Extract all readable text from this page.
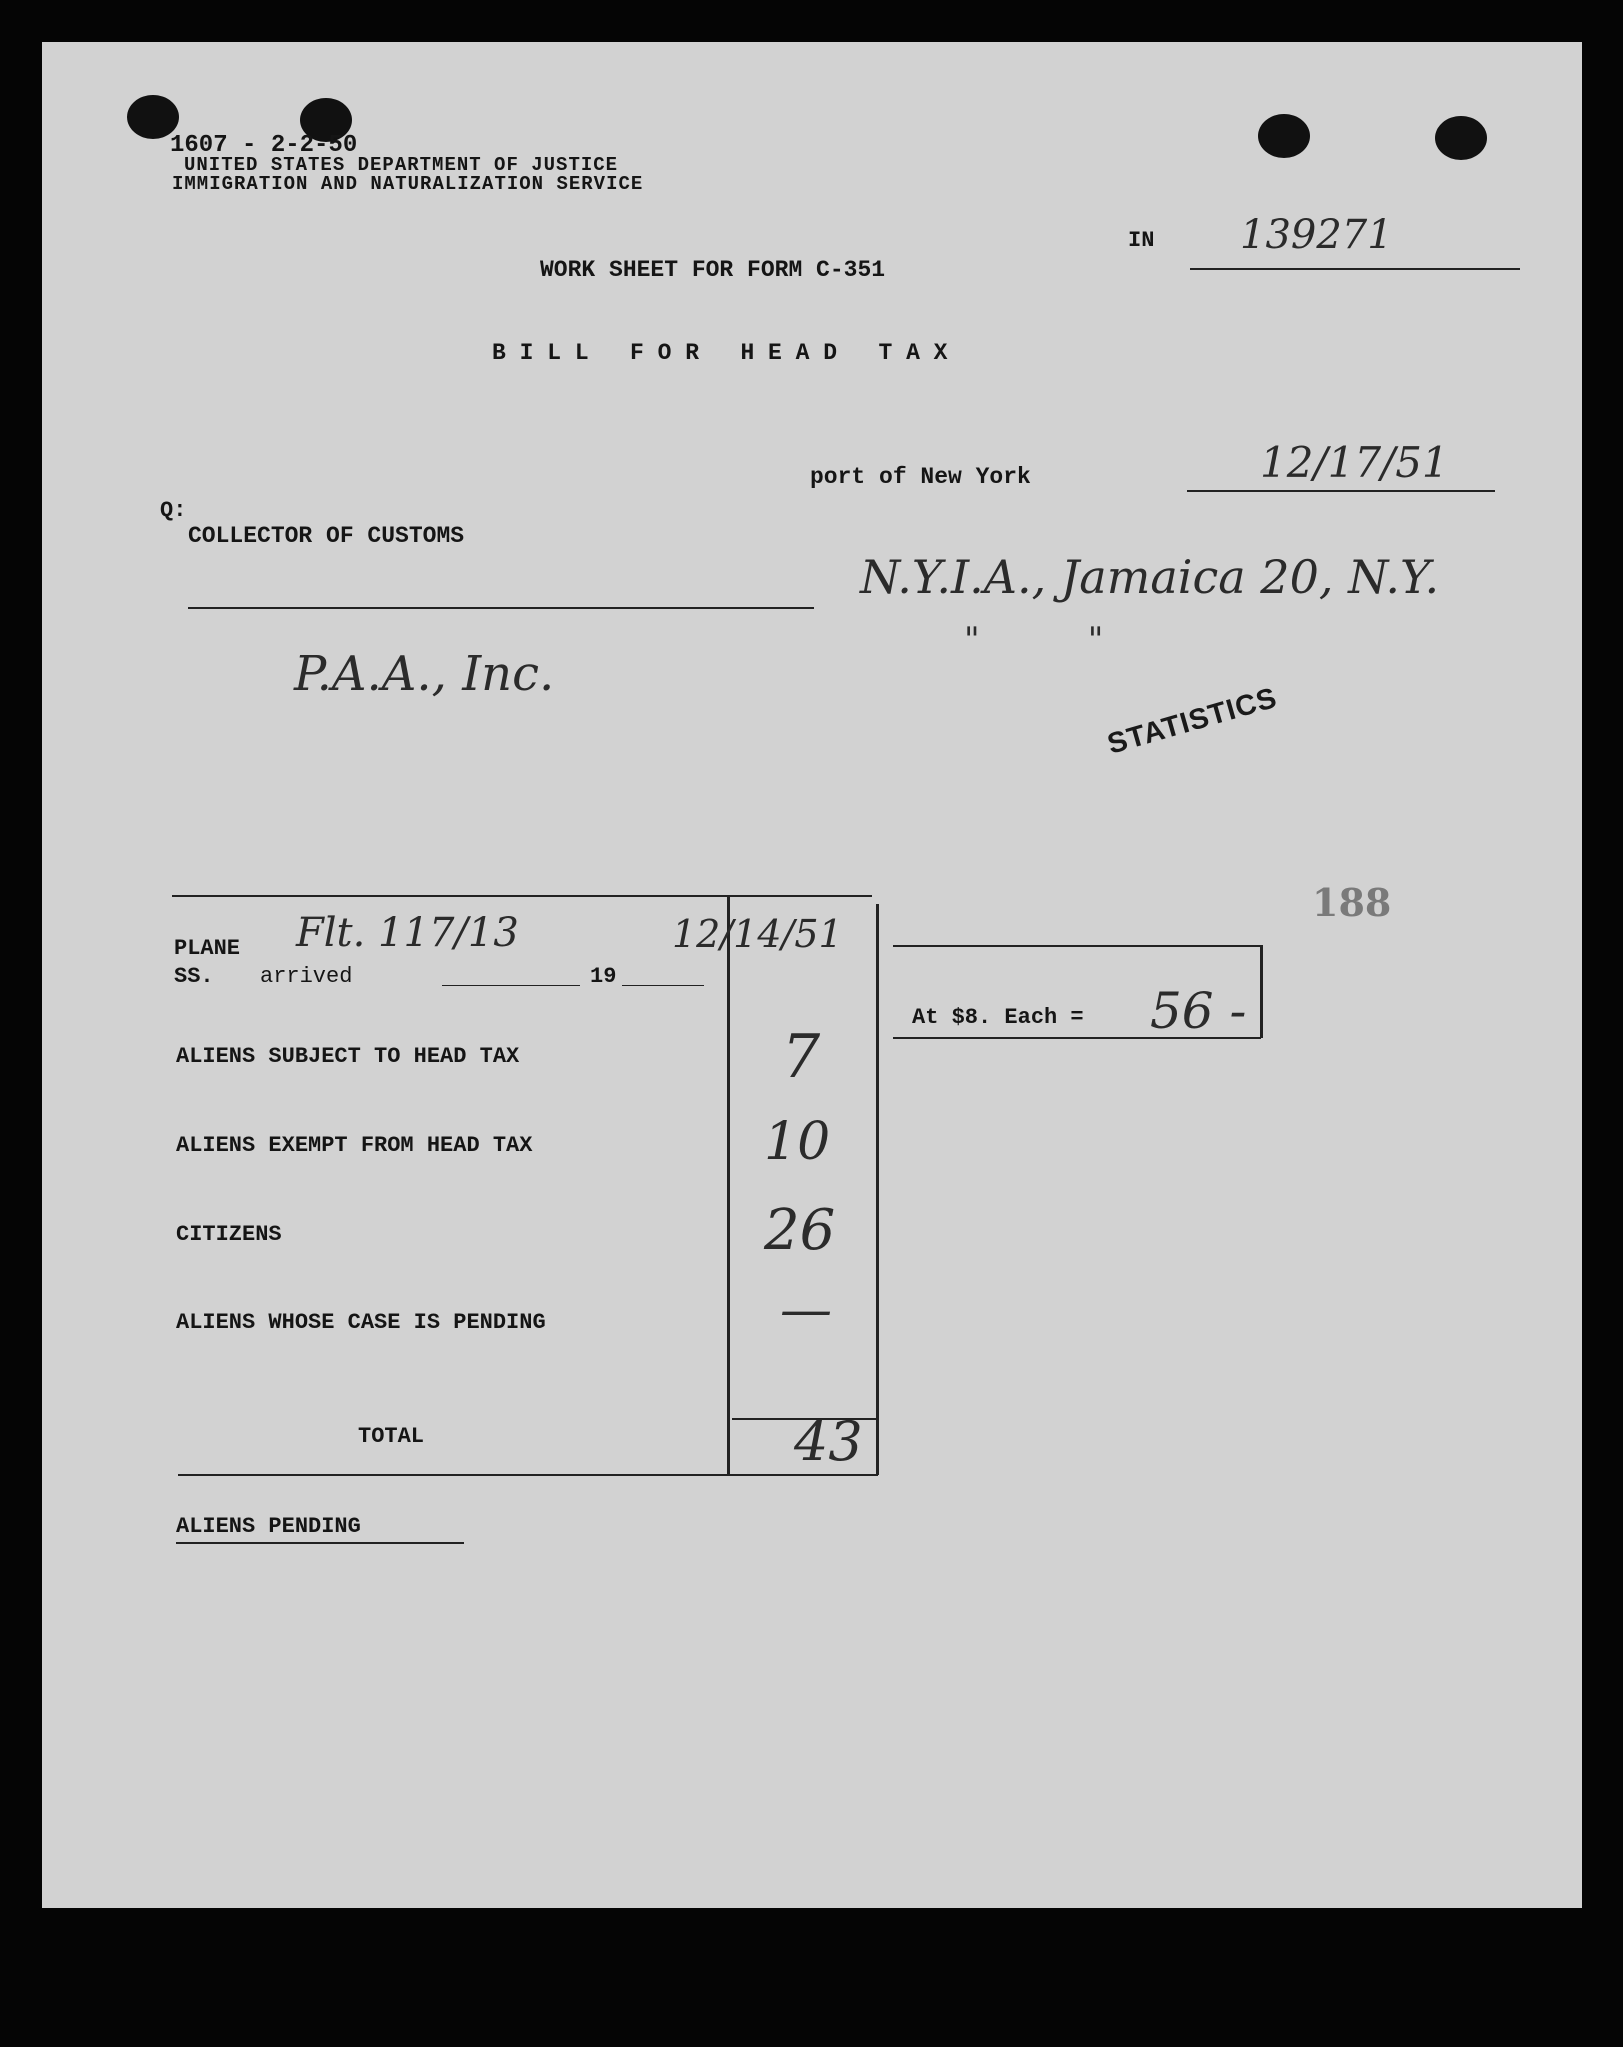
1607 - 2-2-50
UNITED STATES DEPARTMENT OF JUSTICE
IMMIGRATION AND NATURALIZATION SERVICE
IN 139271
WORK SHEET FOR FORM C-351
B I L L   F O R   H E A D   T A X
port of New York	12/17/51
Q:
COLLECTOR OF CUSTOMS
N.Y.I.A., Jamaica 20, N.Y.
"          "
P.A.A., Inc.
STATISTICS
188
PLANE
SS.
Flt. 117/13
arrived	19
12/14/51
ALIENS SUBJECT TO HEAD TAX	7
ALIENS EXEMPT FROM HEAD TAX	10
CITIZENS	26
ALIENS WHOSE CASE IS PENDING	—
TOTAL	43
At $8. Each = 56 -
ALIENS PENDING
